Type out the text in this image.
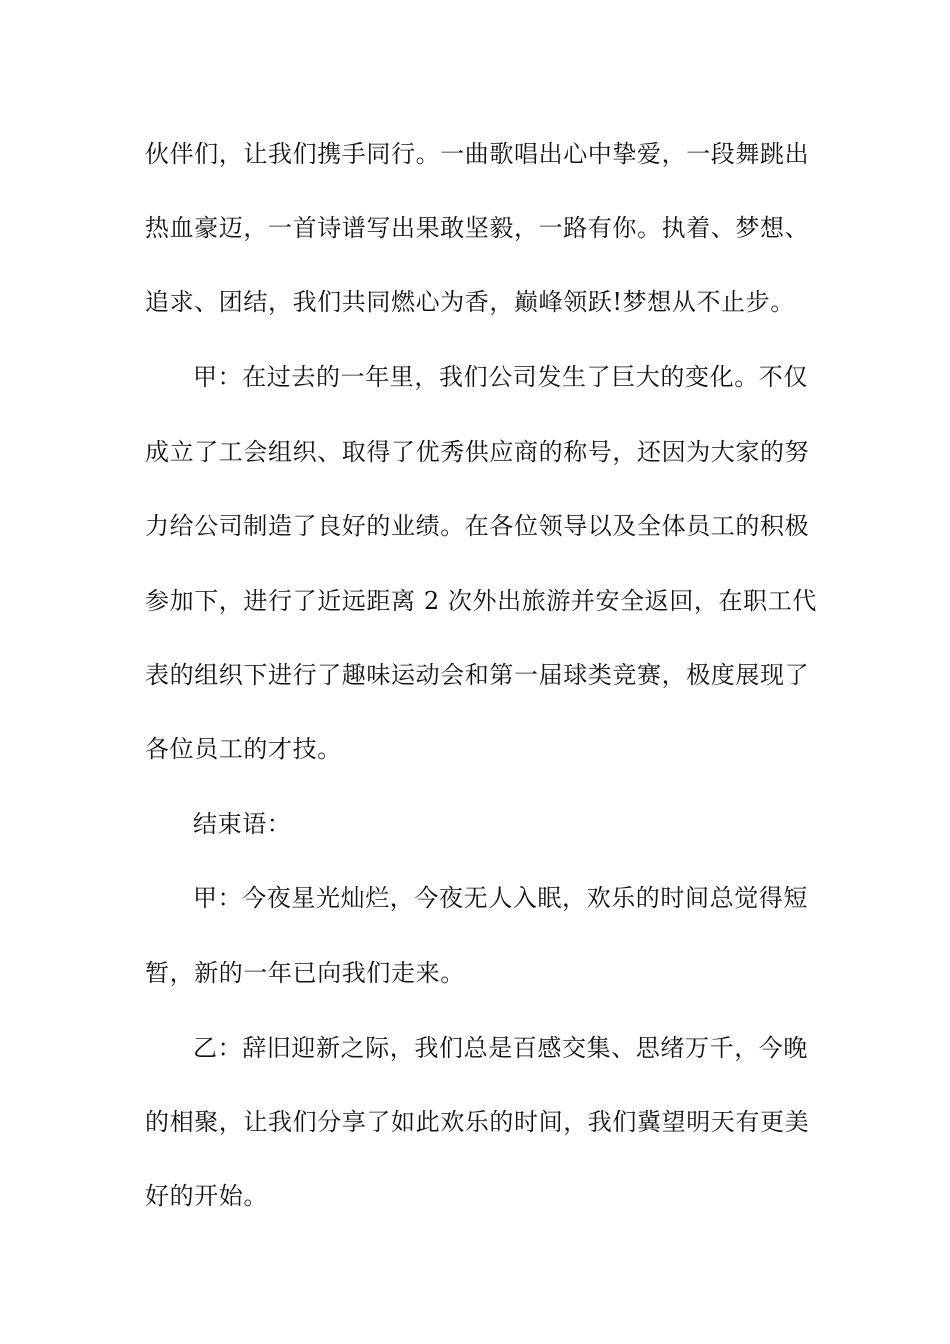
伙伴们，让我们携手同行。一曲歌唱出心中挚爱，一段舞跳出
热血豪迈，一首诗谱写出果敢坚毅，一路有你。执着、梦想、
追求、团结，我们共同燃心为香，巅峰领跃!梦想从不止步。
甲：在过去的一年里，我们公司发生了巨大的变化。不仅
成立了工会组织、取得了优秀供应商的称号，还因为大家的努
力给公司制造了良好的业绩。在各位领导以及全体员工的积极
参加下，进行了近远距离 2 次外出旅游并安全返回，在职工代
表的组织下进行了趣味运动会和第一届球类竞赛，极度展现了
各位员工的才技。
结束语：
甲：今夜星光灿烂，今夜无人入眠，欢乐的时间总觉得短
暂，新的一年已向我们走来。
乙：辞旧迎新之际，我们总是百感交集、思绪万千，今晚
的相聚，让我们分享了如此欢乐的时间，我们冀望明天有更美
好的开始。
